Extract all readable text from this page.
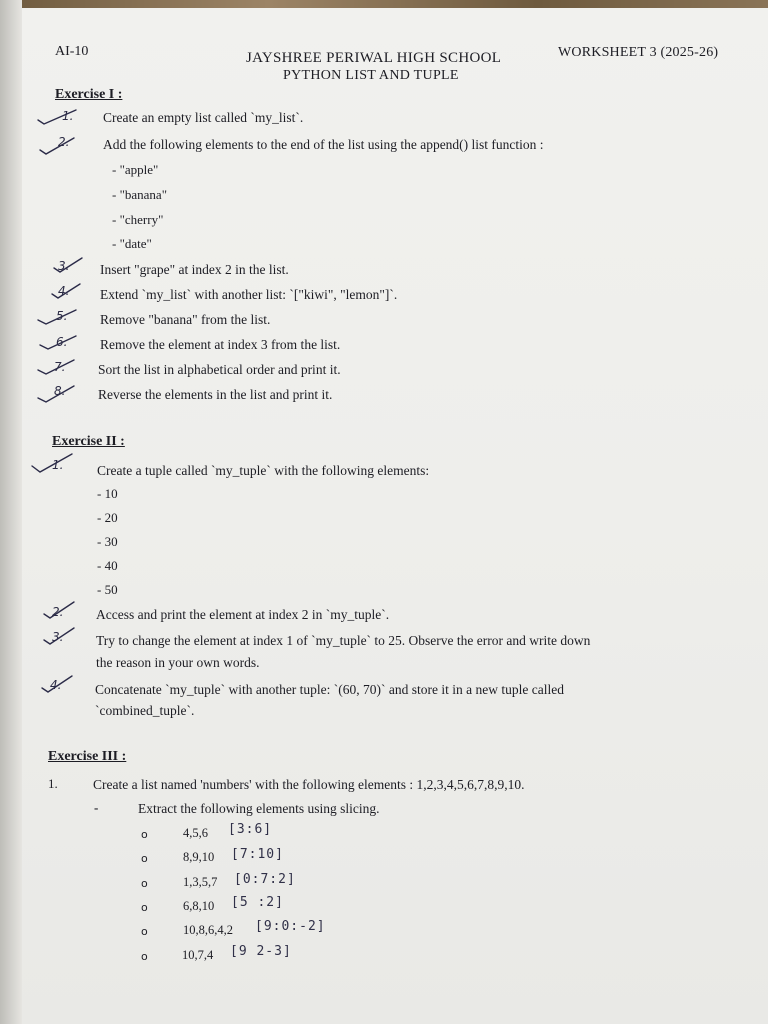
AI-10	JAYSHREE PERIWAL HIGH SCHOOL	WORKSHEET 3 (2025-26)
PYTHON LIST AND TUPLE
Exercise I :
1. Create an empty list called `my_list`.
2. Add the following elements to the end of the list using the append() list function :
- "apple"
- "banana"
- "cherry"
- "date"
3. Insert "grape" at index 2 in the list.
4. Extend `my_list` with another list: `["kiwi", "lemon"]`.
5. Remove "banana" from the list.
6. Remove the element at index 3 from the list.
7. Sort the list in alphabetical order and print it.
8. Reverse the elements in the list and print it.
Exercise II :
1. Create a tuple called `my_tuple` with the following elements:
- 10
- 20
- 30
- 40
- 50
2. Access and print the element at index 2 in `my_tuple`.
3. Try to change the element at index 1 of `my_tuple` to 25. Observe the error and write down
the reason in your own words.
4. Concatenate `my_tuple` with another tuple: `(60, 70)` and store it in a new tuple called
`combined_tuple`.
Exercise III :
1.	Create a list named 'numbers' with the following elements : 1,2,3,4,5,6,7,8,9,10.
-	Extract the following elements using slicing.
o	4,5,6 [3:6]
o	8,9,10 [7:10]
o	1,3,5,7 [0:7:2]
o	6,8,10 [5 :2]
o	10,8,6,4,2 [9:0:-2]
o	10,7,4 [9 2-3]
